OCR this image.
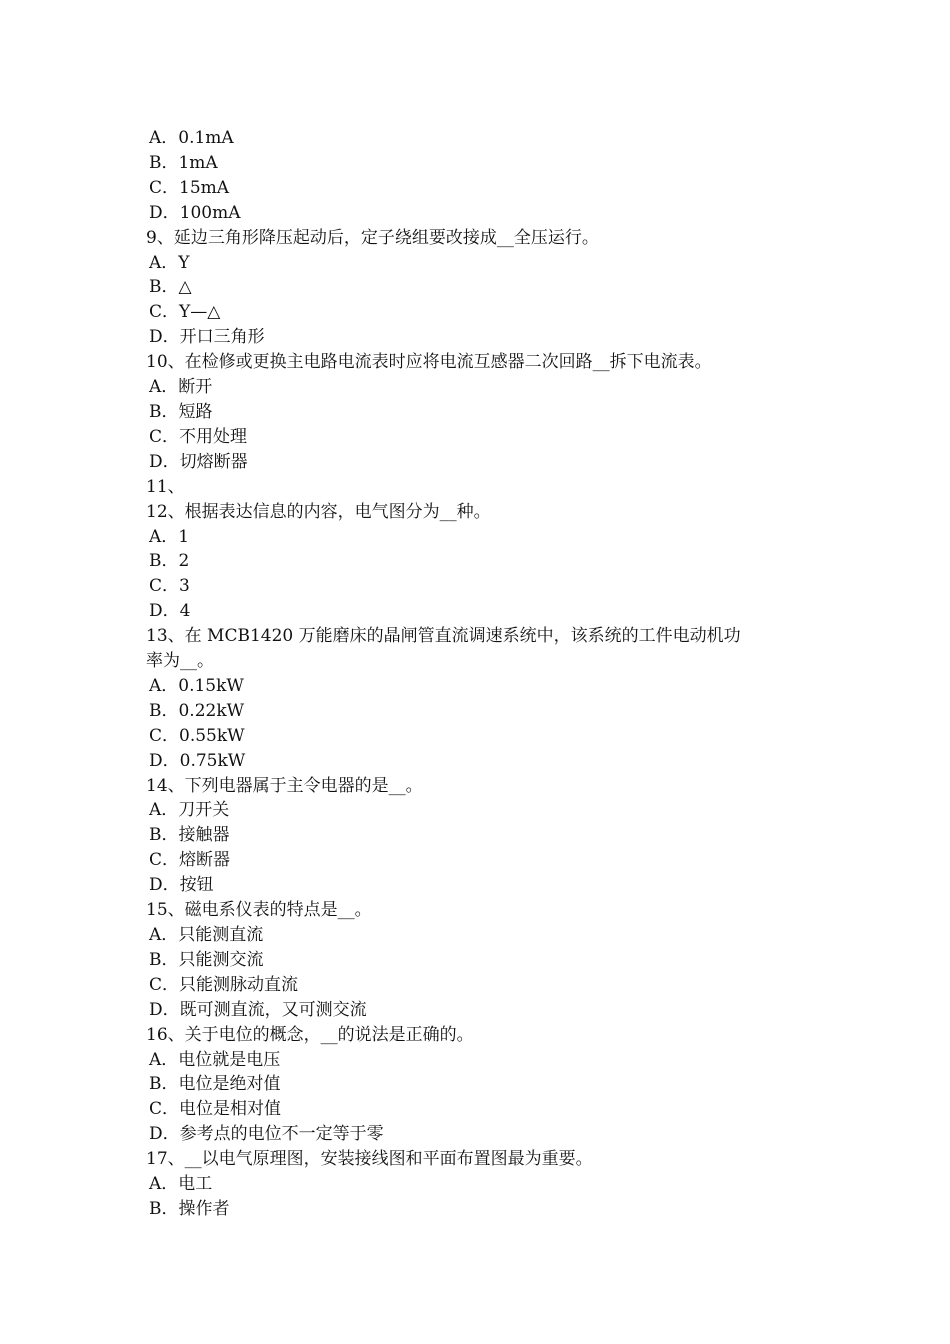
A．0.1mA

B．1mA

C．15mA

D．100mA

9、延边三角形降压起动后，定子绕组要改接成__全压运行。

A．Y

B．△

C．Y—△

D．开口三角形

10、在检修或更换主电路电流表时应将电流互感器二次回路__拆下电流表。

A．断开

B．短路

C．不用处理

D．切熔断器

11、

12、根据表达信息的内容，电气图分为__种。

A．1

B．2

C．3

D．4

13、在 MCB1420 万能磨床的晶闸管直流调速系统中，该系统的工件电动机功

率为__。

A．0.15kW

B．0.22kW

C．0.55kW

D．0.75kW

14、下列电器属于主令电器的是__。

A．刀开关

B．接触器

C．熔断器

D．按钮

15、磁电系仪表的特点是__。

A．只能测直流

B．只能测交流

C．只能测脉动直流

D．既可测直流，又可测交流

16、关于电位的概念，__的说法是正确的。

A．电位就是电压

B．电位是绝对值

C．电位是相对值

D．参考点的电位不一定等于零

17、__以电气原理图，安装接线图和平面布置图最为重要。

A．电工

B．操作者
